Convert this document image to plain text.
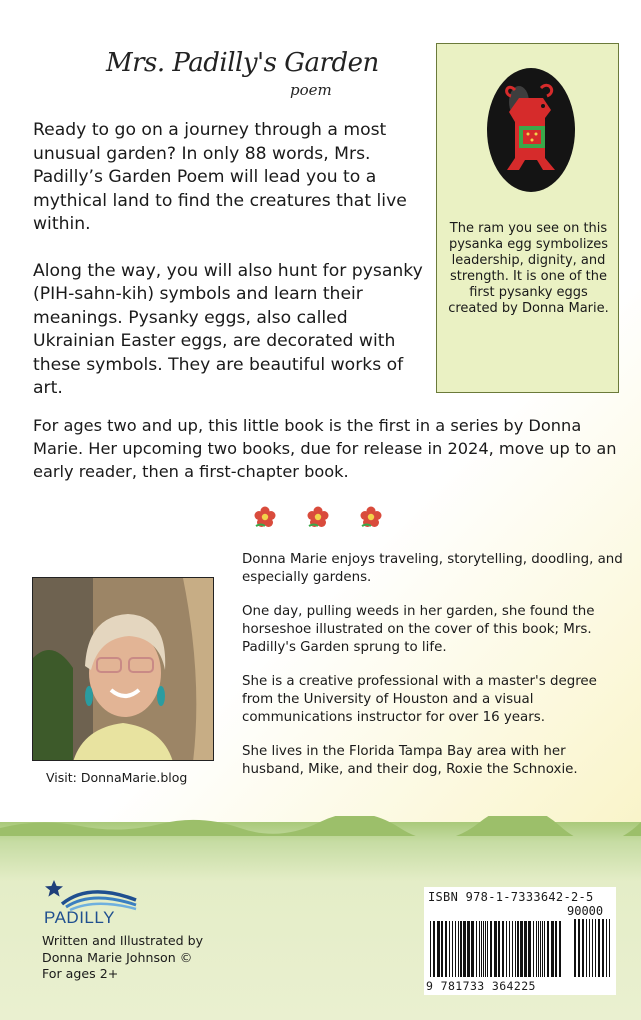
Mrs. Padilly's Garden
poem

Ready to go on a journey through a most unusual garden? In only 88 words, Mrs. Padilly’s Garden Poem will lead you to a mythical land to find the creatures that live within.

Along the way, you will also hunt for pysanky (PIH-sahn-kih) symbols and learn their meanings. Pysanky eggs, also called Ukrainian Easter eggs, are decorated with these symbols. They are beautiful works of art.

The ram you see on this pysanka egg symbolizes leadership, dignity, and strength. It is one of the first pysanky eggs created by Donna Marie.
For ages two and up, this little book is the first in a series by Donna Marie. Her upcoming two books, due for release in 2024, move up to an early reader, then a first-chapter book.
Visit: DonnaMarie.blog

Donna Marie enjoys traveling, storytelling, doodling, and especially gardens.

One day, pulling weeds in her garden, she found the horseshoe illustrated on the cover of this book; Mrs. Padilly's Garden sprung to life.

She is a creative professional with a master's degree from the University of Houston and a visual communications instructor for over 16 years.

She lives in the Florida Tampa Bay area with her husband, Mike, and their dog, Roxie the Schnoxie.

PADILLY
Written and Illustrated by
Donna Marie Johnson ©
For ages 2+
ISBN 978-1-7333642-2-5
90000
9 781733 364225
